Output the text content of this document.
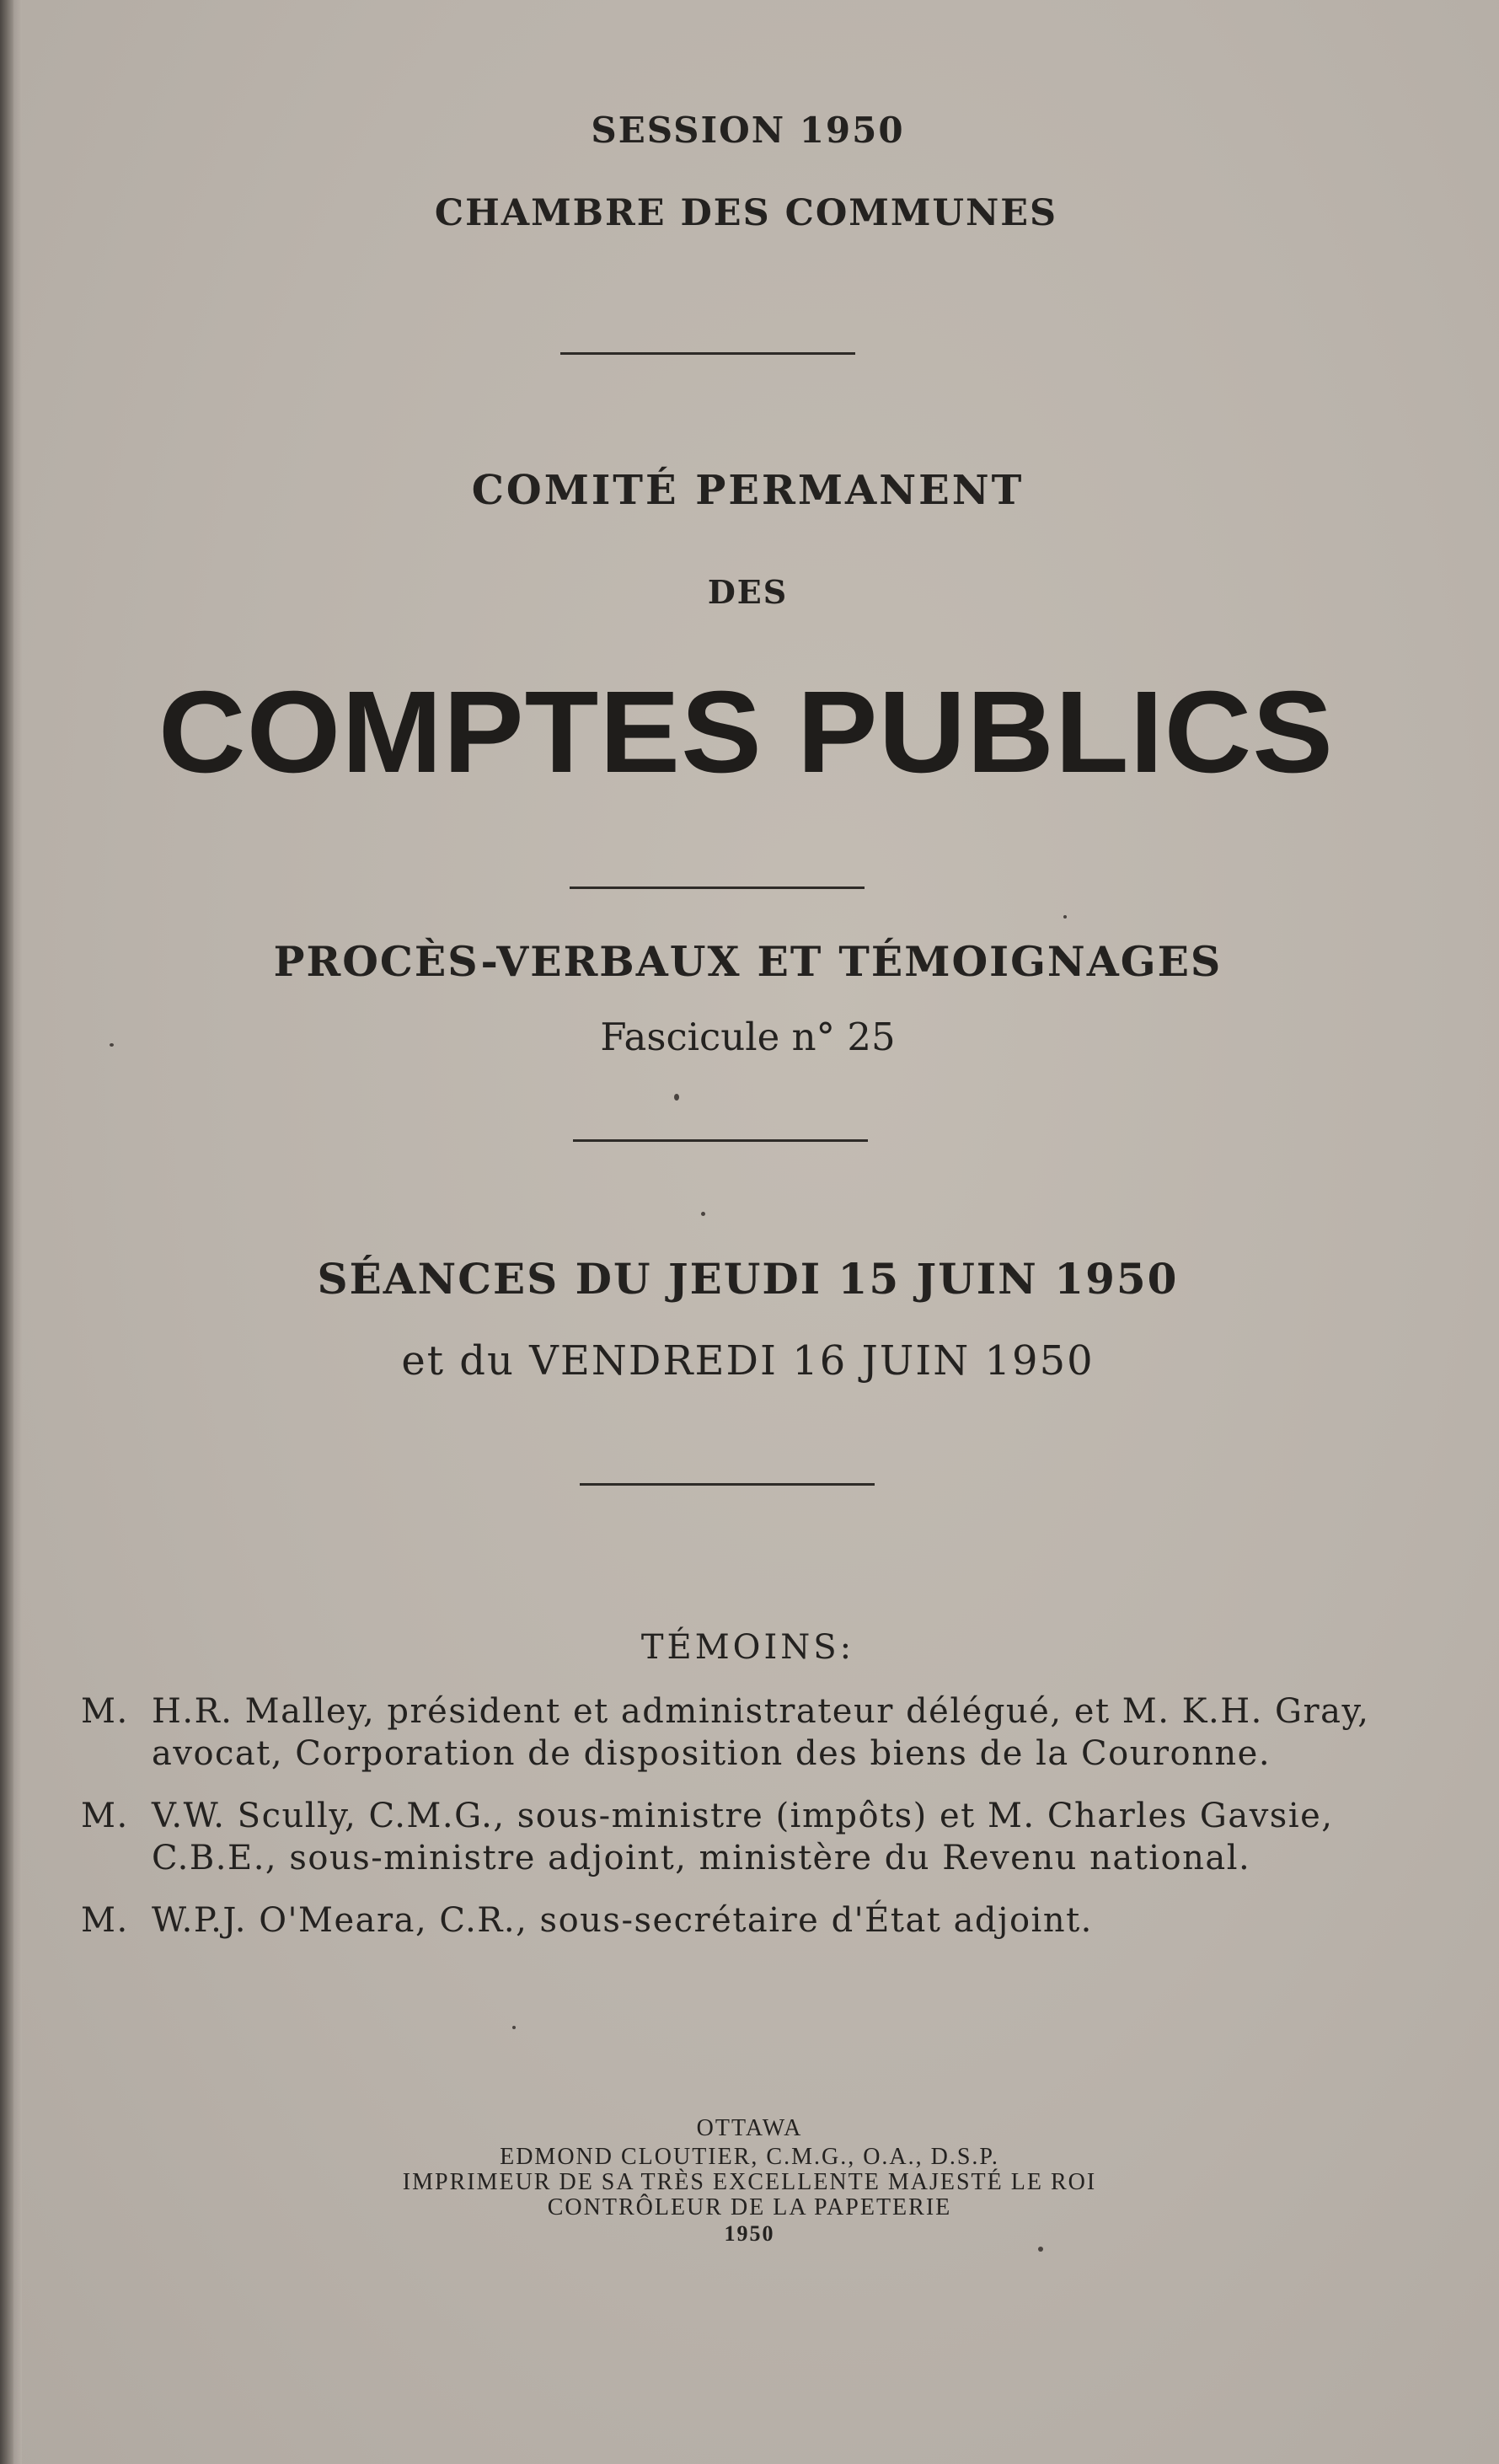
SESSION 1950
CHAMBRE DES COMMUNES
COMITÉ PERMANENT
DES
COMPTES PUBLICS
PROCÈS-VERBAUX ET TÉMOIGNAGES
Fascicule n° 25
SÉANCES DU JEUDI 15 JUIN 1950
et du VENDREDI 16 JUIN 1950
TÉMOINS:
M. H.R. Malley, président et administrateur délégué, et M. K.H. Gray,
avocat, Corporation de disposition des biens de la Couronne.
M. V.W. Scully, C.M.G., sous-ministre (impôts) et M. Charles Gavsie,
C.B.E., sous-ministre adjoint, ministère du Revenu national.
M. W.P.J. O'Meara, C.R., sous-secrétaire d'État adjoint.
OTTAWA
EDMOND CLOUTIER, C.M.G., O.A., D.S.P.
IMPRIMEUR DE SA TRÈS EXCELLENTE MAJESTÉ LE ROI
CONTRÔLEUR DE LA PAPETERIE
1950
